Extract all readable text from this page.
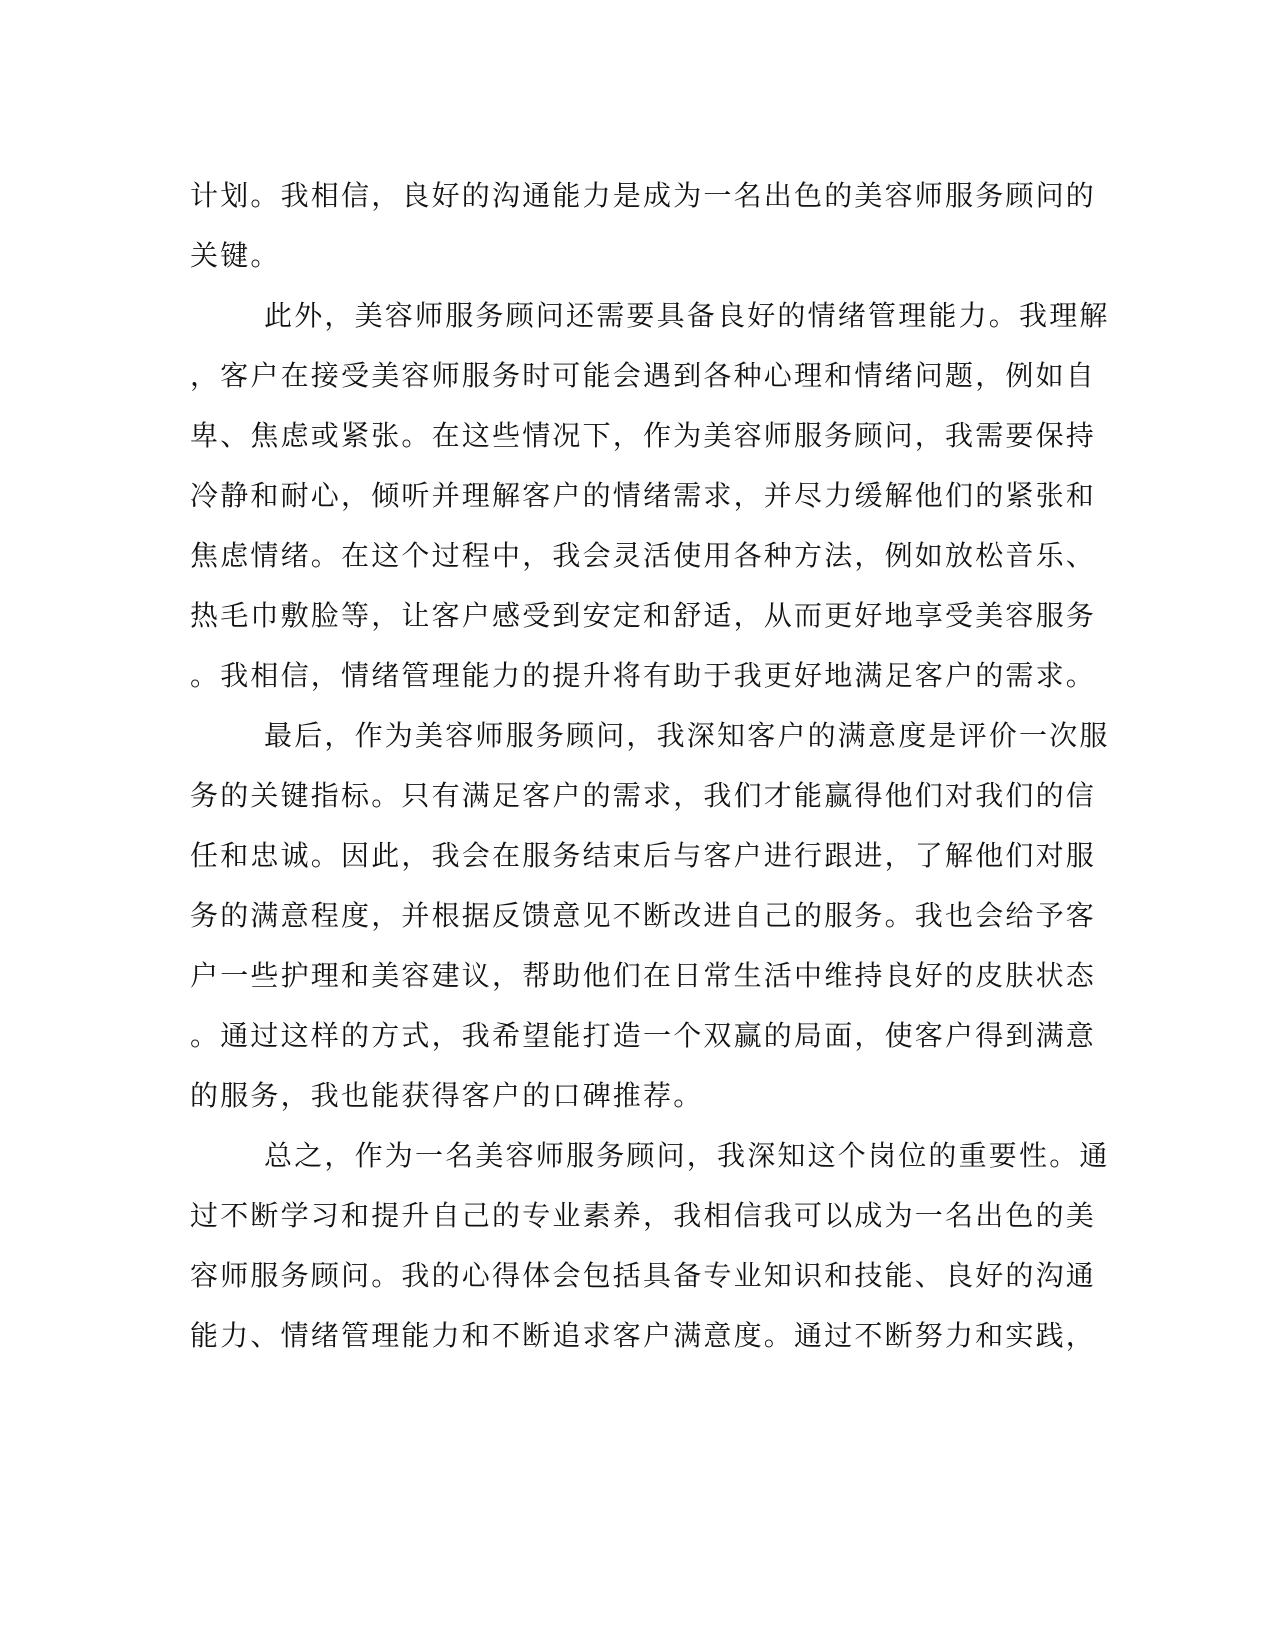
计划。我相信，良好的沟通能力是成为一名出色的美容师服务顾问的
关键。
此外，美容师服务顾问还需要具备良好的情绪管理能力。我理解
，客户在接受美容师服务时可能会遇到各种心理和情绪问题，例如自
卑、焦虑或紧张。在这些情况下，作为美容师服务顾问，我需要保持
冷静和耐心，倾听并理解客户的情绪需求，并尽力缓解他们的紧张和
焦虑情绪。在这个过程中，我会灵活使用各种方法，例如放松音乐、
热毛巾敷脸等，让客户感受到安定和舒适，从而更好地享受美容服务
。我相信，情绪管理能力的提升将有助于我更好地满足客户的需求。
最后，作为美容师服务顾问，我深知客户的满意度是评价一次服
务的关键指标。只有满足客户的需求，我们才能赢得他们对我们的信
任和忠诚。因此，我会在服务结束后与客户进行跟进，了解他们对服
务的满意程度，并根据反馈意见不断改进自己的服务。我也会给予客
户一些护理和美容建议，帮助他们在日常生活中维持良好的皮肤状态
。通过这样的方式，我希望能打造一个双赢的局面，使客户得到满意
的服务，我也能获得客户的口碑推荐。
总之，作为一名美容师服务顾问，我深知这个岗位的重要性。通
过不断学习和提升自己的专业素养，我相信我可以成为一名出色的美
容师服务顾问。我的心得体会包括具备专业知识和技能、良好的沟通
能力、情绪管理能力和不断追求客户满意度。通过不断努力和实践，
